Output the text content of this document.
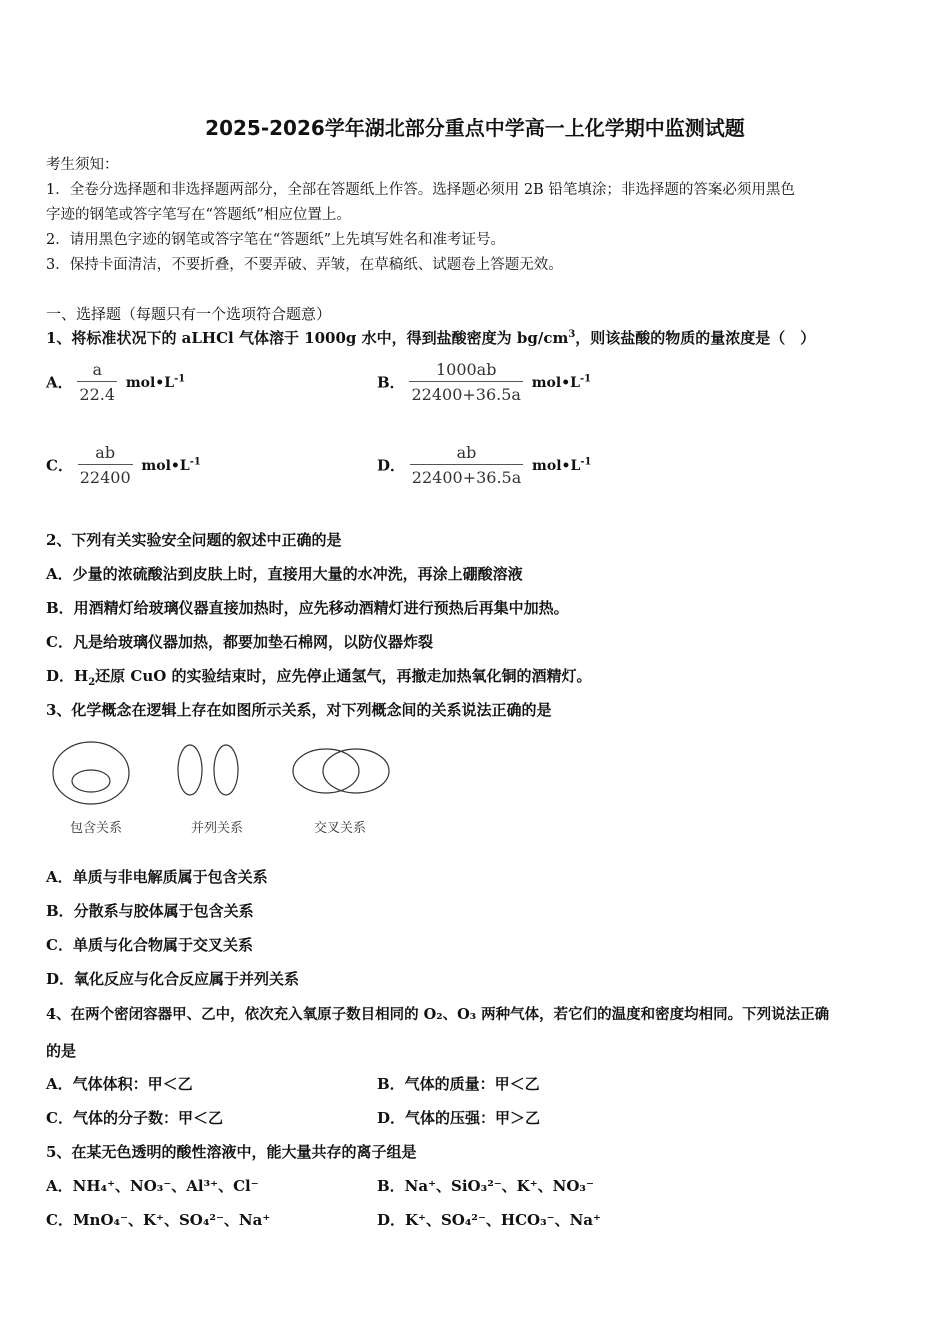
2025-2026学年湖北部分重点中学高一上化学期中监测试题
考生须知：
1．全卷分选择题和非选择题两部分，全部在答题纸上作答。选择题必须用 2B 铅笔填涂；非选择题的答案必须用黑色
字迹的钢笔或答字笔写在“答题纸”相应位置上。
2．请用黑色字迹的钢笔或答字笔在“答题纸”上先填写姓名和准考证号。
3．保持卡面清洁，不要折叠，不要弄破、弄皱，在草稿纸、试题卷上答题无效。
一、选择题（每题只有一个选项符合题意）
1、将标准状况下的 aLHCl 气体溶于 1000g 水中，得到盐酸密度为 $bg/cm^3$，则该盐酸的物质的量浓度是（　）
A． $\frac{a}{22.4}$ $mol•L^{-1}$	B． $\frac{1000ab}{22400+36.5a}$ $mol•L^{-1}$
C． $\frac{ab}{22400}$ $mol•L^{-1}$	D． $\frac{ab}{22400+36.5a}$ $mol•L^{-1}$
2、下列有关实验安全问题的叙述中正确的是
A．少量的浓硫酸沾到皮肤上时，直接用大量的水冲洗，再涂上硼酸溶液
B．用酒精灯给玻璃仪器直接加热时，应先移动酒精灯进行预热后再集中加热。
C．凡是给玻璃仪器加热，都要加垫石棉网，以防仪器炸裂
D．$H_2$还原 CuO 的实验结束时，应先停止通氢气，再撤走加热氧化铜的酒精灯。
3、化学概念在逻辑上存在如图所示关系，对下列概念间的关系说法正确的是
包含关系	并列关系	交叉关系
A．单质与非电解质属于包含关系
B．分散系与胶体属于包含关系
C．单质与化合物属于交叉关系
D．氧化反应与化合反应属于并列关系
4、在两个密闭容器甲、乙中，依次充入氧原子数目相同的 O₂、O₃ 两种气体，若它们的温度和密度均相同。下列说法正确
的是
A．气体体积：甲＜乙	B．气体的质量：甲＜乙
C．气体的分子数：甲＜乙	D．气体的压强：甲＞乙
5、在某无色透明的酸性溶液中，能大量共存的离子组是
A．NH₄⁺、NO₃⁻、Al³⁺、Cl⁻	B．Na⁺、SiO₃²⁻、K⁺、NO₃⁻
C．MnO₄⁻、K⁺、SO₄²⁻、Na⁺	D．K⁺、SO₄²⁻、HCO₃⁻、Na⁺
